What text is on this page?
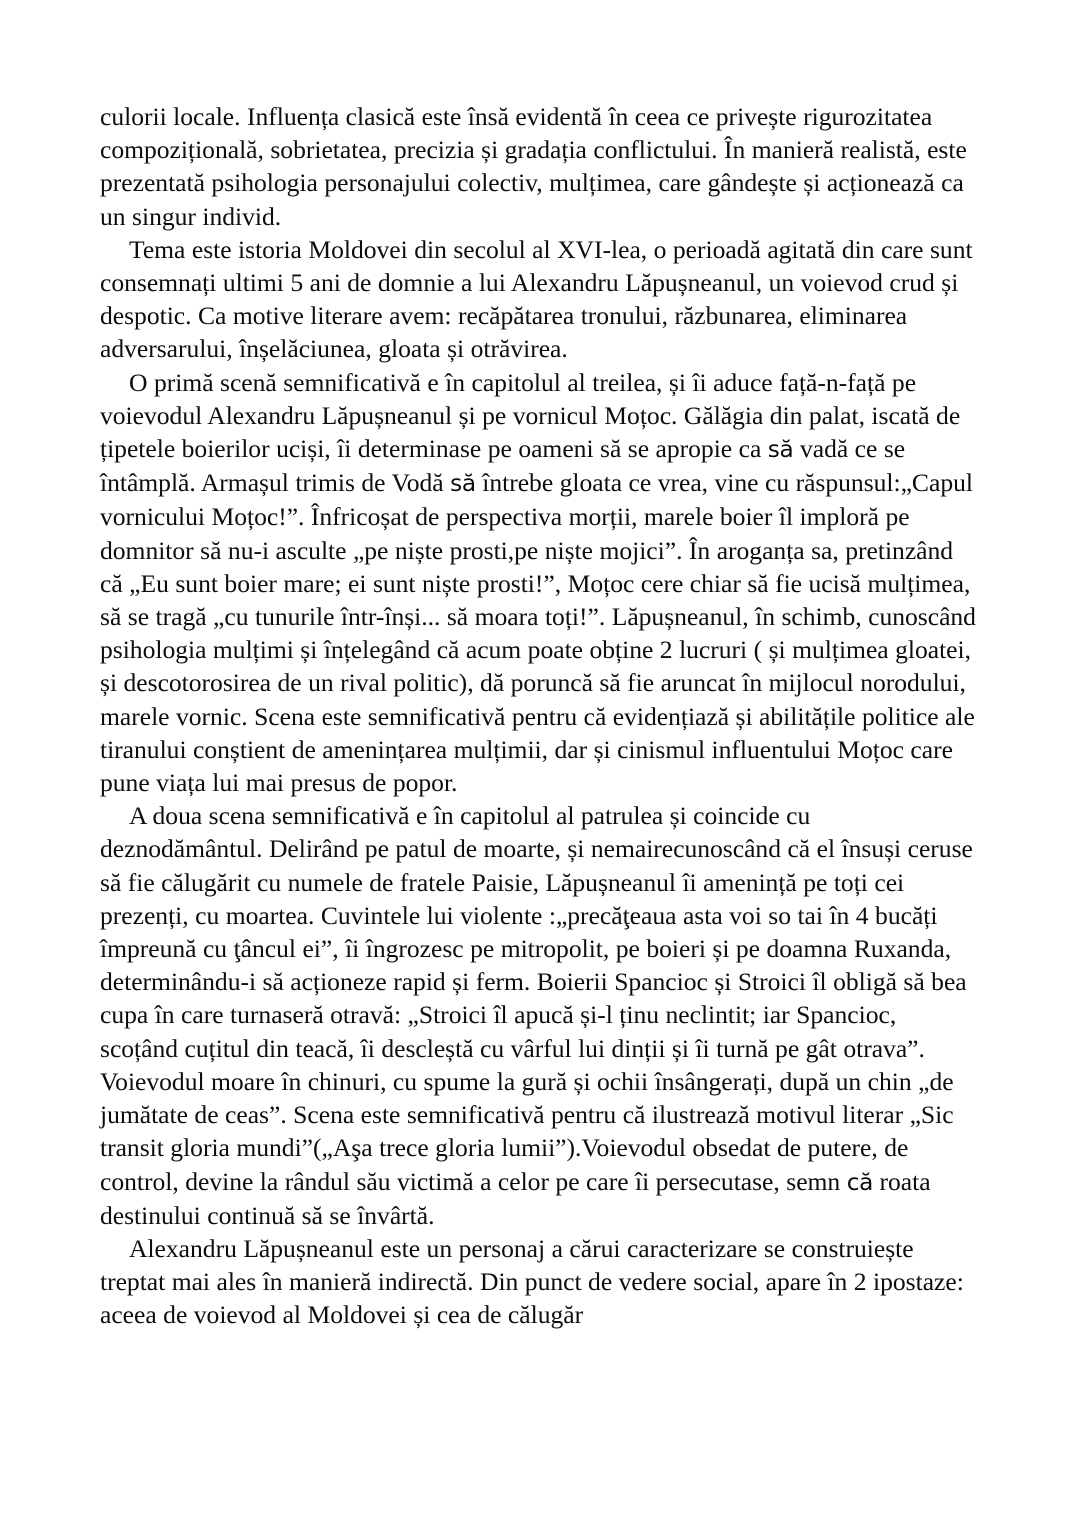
culorii locale. Influența clasică este însă evidentă în ceea ce privește rigurozitatea compozițională, sobrietatea, precizia și gradația conflictului. În manieră realistă, este prezentată psihologia personajului colectiv, mulțimea, care gândește și acționează ca un singur individ.

Tema este istoria Moldovei din secolul al XVI-lea, o perioadă agitată din care sunt consemnați ultimi 5 ani de domnie a lui Alexandru Lăpușneanul, un voievod crud și despotic. Ca motive literare avem: recăpătarea tronului, răzbunarea, eliminarea adversarului, înșelăciunea, gloata și otrăvirea.

O primă scenă semnificativă e în capitolul al treilea, și îi aduce față-n-față pe voievodul Alexandru Lăpușneanul și pe vornicul Moțoc. Gălăgia din palat, iscată de țipetele boierilor uciși, îi determinase pe oameni să se apropie ca să vadă ce se întâmplă. Armașul trimis de Vodă să întrebe gloata ce vrea, vine cu răspunsul:„Capul vornicului Moțoc!”. Înfricoșat de perspectiva morții, marele boier îl imploră pe domnitor să nu-i asculte „pe niște prosti,pe niște mojici”. În aroganța sa, pretinzând că „Eu sunt boier mare; ei sunt niște prosti!”, Moțoc cere chiar să fie ucisă mulțimea, să se tragă „cu tunurile într-înși... să moara toți!”. Lăpușneanul, în schimb, cunoscând psihologia mulțimi și înțelegând că acum poate obține 2 lucruri ( și mulțimea gloatei, și descotorosirea de un rival politic), dă poruncă să fie aruncat în mijlocul norodului, marele vornic. Scena este semnificativă pentru că evidențiază și abilitățile politice ale tiranului conștient de amenințarea mulțimii, dar și cinismul influentului Moțoc care pune viața lui mai presus de popor.

A doua scena semnificativă e în capitolul al patrulea și coincide cu deznodământul. Delirând pe patul de moarte, și nemairecunoscând că el însuși ceruse să fie călugărit cu numele de fratele Paisie, Lăpușneanul îi amenință pe toți cei prezenți, cu moartea. Cuvintele lui violente :„precăţeaua asta voi so tai în 4 bucăți împreună cu ţâncul ei”, îi îngrozesc pe mitropolit, pe boieri și pe doamna Ruxanda, determinându-i să acționeze rapid și ferm. Boierii Spancioc și Stroici îl obligă să bea cupa în care turnaseră otravă: „Stroici îl apucă și-l ținu neclintit; iar Spancioc, scoțând cuțitul din teacă, îi descleștă cu vârful lui dinții și îi turnă pe gât otrava”. Voievodul moare în chinuri, cu spume la gură și ochii însângerați, după un chin „de jumătate de ceas”. Scena este semnificativă pentru că ilustrează motivul literar „Sic transit gloria mundi”(„Aşa trece gloria lumii”).Voievodul obsedat de putere, de control, devine la rândul său victimă a celor pe care îi persecutase, semn că roata destinului continuă să se învârtă.

Alexandru Lăpușneanul este un personaj a cărui caracterizare se construiește treptat mai ales în manieră indirectă. Din punct de vedere social, apare în 2 ipostaze: aceea de voievod al Moldovei și cea de călugăr
